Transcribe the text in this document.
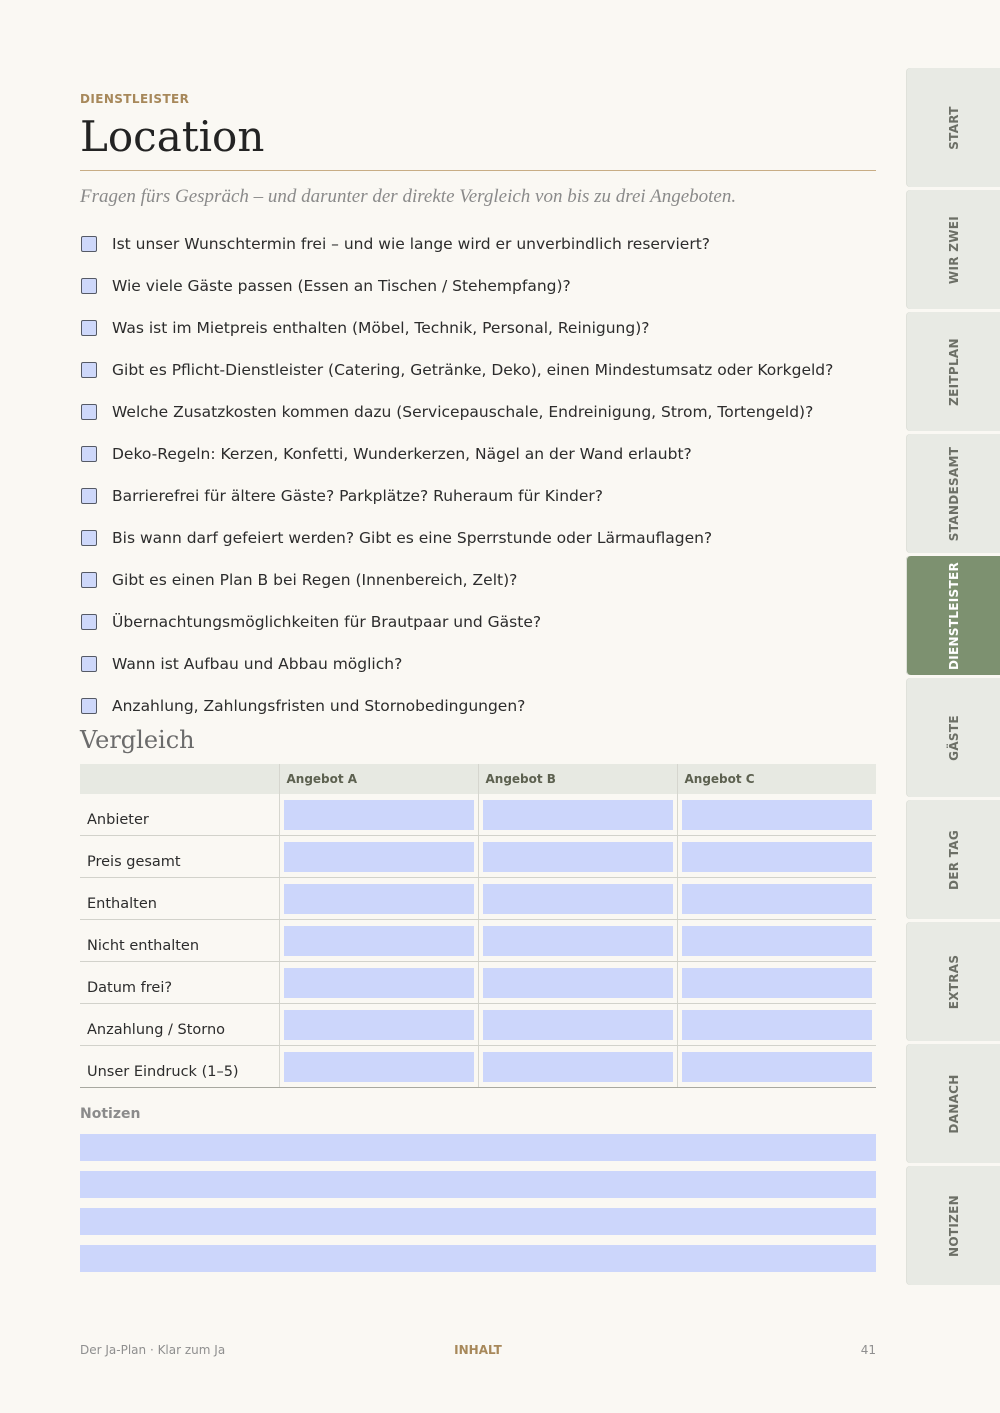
DIENSTLEISTER
Location
Fragen fürs Gespräch – und darunter der direkte Vergleich von bis zu drei Angeboten.
Ist unser Wunschtermin frei – und wie lange wird er unverbindlich reserviert?
Wie viele Gäste passen (Essen an Tischen / Stehempfang)?
Was ist im Mietpreis enthalten (Möbel, Technik, Personal, Reinigung)?
Gibt es Pflicht-Dienstleister (Catering, Getränke, Deko), einen Mindestumsatz oder Korkgeld?
Welche Zusatzkosten kommen dazu (Servicepauschale, Endreinigung, Strom, Tortengeld)?
Deko-Regeln: Kerzen, Konfetti, Wunderkerzen, Nägel an der Wand erlaubt?
Barrierefrei für ältere Gäste? Parkplätze? Ruheraum für Kinder?
Bis wann darf gefeiert werden? Gibt es eine Sperrstunde oder Lärmauflagen?
Gibt es einen Plan B bei Regen (Innenbereich, Zelt)?
Übernachtungsmöglichkeiten für Brautpaar und Gäste?
Wann ist Aufbau und Abbau möglich?
Anzahlung, Zahlungsfristen und Stornobedingungen?
Vergleich
	Angebot A	Angebot B	Angebot C
Anbieter	

Preis gesamt	

Enthalten	

Nicht enthalten	

Datum frei?	

Anzahlung / Storno	

Unser Eindruck (1–5)	

Notizen
Der Ja-Plan · Klar zum Ja	INHALT	41
START
WIR ZWEI
ZEITPLAN
STANDESAMT
DIENSTLEISTER
GÄSTE
DER TAG
EXTRAS
DANACH
NOTIZEN
